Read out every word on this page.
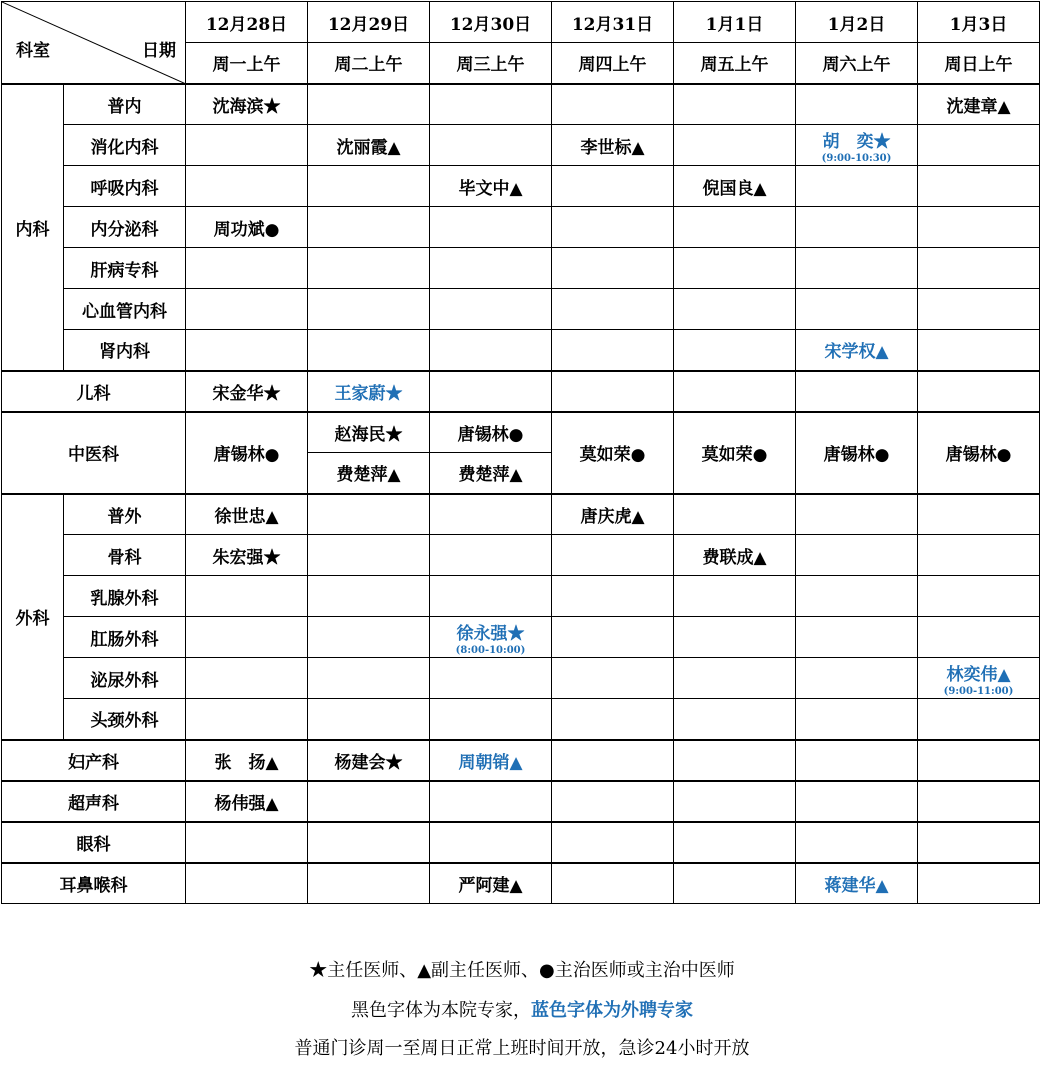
科室 日期		12月28日	12月29日	12月30日	12月31日	1月1日	1月2日	1月3日
		周一上午	周二上午	周三上午	周四上午	周五上午	周六上午	周日上午
内科	普内	沈海滨★						沈建章▲
	消化内科		沈丽霞▲		李世标▲		胡　奕★
(9:00-10:30)	

	呼吸内科			毕文中▲		倪国良▲		
	内分泌科	周功斌●						
	肝病专科							
	心血管内科							
	肾内科						宋学权▲	
儿科		宋金华★	王家蔚★					
中医科		唐锡林●	赵海民★	唐锡林●	莫如荣●	莫如荣●	唐锡林●	唐锡林●
			费楚萍▲	费楚萍▲				
外科	普外	徐世忠▲			唐庆虎▲			
	骨科	朱宏强★				费联成▲		
	乳腺外科							
	肛肠外科			徐永强★
(8:00-10:00)				

	泌尿外科							林奕伟▲
(9:00-11:00)

	头颈外科							
妇产科		张　扬▲	杨建会★	周朝销▲				
超声科		杨伟强▲						
眼科								
耳鼻喉科				严阿建▲			蒋建华▲	
★主任医师、▲副主任医师、●主治医师或主治中医师
黑色字体为本院专家，蓝色字体为外聘专家
普通门诊周一至周日正常上班时间开放，急诊24小时开放
